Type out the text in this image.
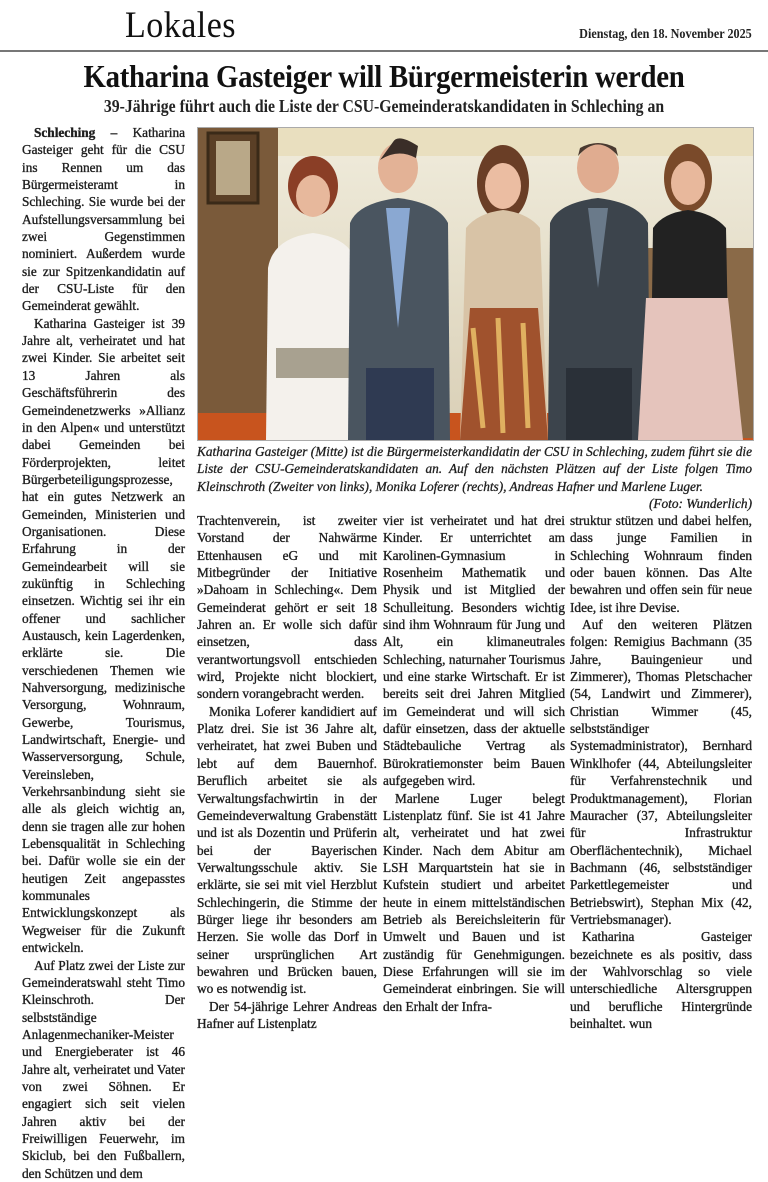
Lokales	Dienstag, den 18. November 2025
Katharina Gasteiger will Bürgermeisterin werden
39-Jährige führt auch die Liste der CSU-Gemeinderatskandidaten in Schleching an

Schleching – Katharina Gasteiger geht für die CSU ins Rennen um das Bürgermeisteramt in Schleching. Sie wurde bei der Aufstellungsversammlung bei zwei Gegenstimmen nominiert. Außerdem wurde sie zur Spitzenkandidatin auf der CSU-Liste für den Gemeinderat gewählt.

Katharina Gasteiger ist 39 Jahre alt, verheiratet und hat zwei Kinder. Sie arbeitet seit 13 Jahren als Geschäftsführerin des Gemeindenetzwerks »Allianz in den Alpen« und unterstützt dabei Gemeinden bei Förderprojekten, leitet Bürgerbeteiligungsprozesse, hat ein gutes Netzwerk an Gemeinden, Ministerien und Organisationen. Diese Erfahrung in der Gemeindearbeit will sie zukünftig in Schleching einsetzen. Wichtig sei ihr ein offener und sachlicher Austausch, kein Lagerdenken, erklärte sie. Die verschiedenen Themen wie Nahversorgung, medizinische Versorgung, Wohnraum, Gewerbe, Tourismus, Landwirtschaft, Energie- und Wasserversorgung, Schule, Vereinsleben, Verkehrsanbindung sieht sie alle als gleich wichtig an, denn sie tragen alle zur hohen Lebensqualität in Schleching bei. Dafür wolle sie ein der heutigen Zeit angepasstes kommunales Entwicklungskonzept als Wegweiser für die Zukunft entwickeln.

Auf Platz zwei der Liste zur Gemeinderatswahl steht Timo Kleinschroth. Der selbstständige Anlagenmechaniker-Meister und Energieberater ist 46 Jahre alt, verheiratet und Vater von zwei Söhnen. Er engagiert sich seit vielen Jahren aktiv bei der Freiwilligen Feuerwehr, im Skiclub, bei den Fußballern, den Schützen und dem

Katharina Gasteiger (Mitte) ist die Bürgermeisterkandidatin der CSU in Schleching, zudem führt sie die Liste der CSU-Gemeinderatskandidaten an. Auf den nächsten Plätzen auf der Liste folgen Timo Kleinschroth (Zweiter von links), Monika Loferer (rechts), Andreas Hafner und Marlene Luger.
(Foto: Wunderlich)

Trachtenverein, ist zweiter Vorstand der Nahwärme Ettenhausen eG und mit Mitbegründer der Initiative »Dahoam in Schleching«. Dem Gemeinderat gehört er seit 18 Jahren an. Er wolle sich dafür einsetzen, dass verantwortungsvoll entschieden wird, Projekte nicht blockiert, sondern vorangebracht werden.

Monika Loferer kandidiert auf Platz drei. Sie ist 36 Jahre alt, verheiratet, hat zwei Buben und lebt auf dem Bauernhof. Beruflich arbeitet sie als Verwaltungsfachwirtin in der Gemeindeverwaltung Grabenstätt und ist als Dozentin und Prüferin bei der Bayerischen Verwaltungsschule aktiv. Sie erklärte, sie sei mit viel Herzblut Schlechingerin, die Stimme der Bürger liege ihr besonders am Herzen. Sie wolle das Dorf in seiner ursprünglichen Art bewahren und Brücken bauen, wo es notwendig ist.

Der 54-jährige Lehrer Andreas Hafner auf Listenplatz

vier ist verheiratet und hat drei Kinder. Er unterrichtet am Karolinen-Gymnasium in Rosenheim Mathematik und Physik und ist Mitglied der Schulleitung. Besonders wichtig sind ihm Wohnraum für Jung und Alt, ein klimaneutrales Schleching, naturnaher Tourismus und eine starke Wirtschaft. Er ist bereits seit drei Jahren Mitglied im Gemeinderat und will sich dafür einsetzen, dass der aktuelle Städtebauliche Vertrag als Bürokratiemonster beim Bauen aufgegeben wird.

Marlene Luger belegt Listenplatz fünf. Sie ist 41 Jahre alt, verheiratet und hat zwei Kinder. Nach dem Abitur am LSH Marquartstein hat sie in Kufstein studiert und arbeitet heute in einem mittelständischen Betrieb als Bereichsleiterin für Umwelt und Bauen und ist zuständig für Genehmigungen. Diese Erfahrungen will sie im Gemeinderat einbringen. Sie will den Erhalt der Infra-

struktur stützen und dabei helfen, dass junge Familien in Schleching Wohnraum finden oder bauen können. Das Alte bewahren und offen sein für neue Idee, ist ihre Devise.

Auf den weiteren Plätzen folgen: Remigius Bachmann (35 Jahre, Bauingenieur und Zimmerer), Thomas Pletschacher (54, Landwirt und Zimmerer), Christian Wimmer (45, selbstständiger Systemadministrator), Bernhard Winklhofer (44, Abteilungsleiter für Verfahrenstechnik und Produktmanagement), Florian Mauracher (37, Abteilungsleiter für Infrastruktur Oberflächentechnik), Michael Bachmann (46, selbstständiger Parkettlegemeister und Betriebswirt), Stephan Mix (42, Vertriebsmanager).

Katharina Gasteiger bezeichnete es als positiv, dass der Wahlvorschlag so viele unterschiedliche Altersgruppen und berufliche Hintergründe beinhaltet. wun
